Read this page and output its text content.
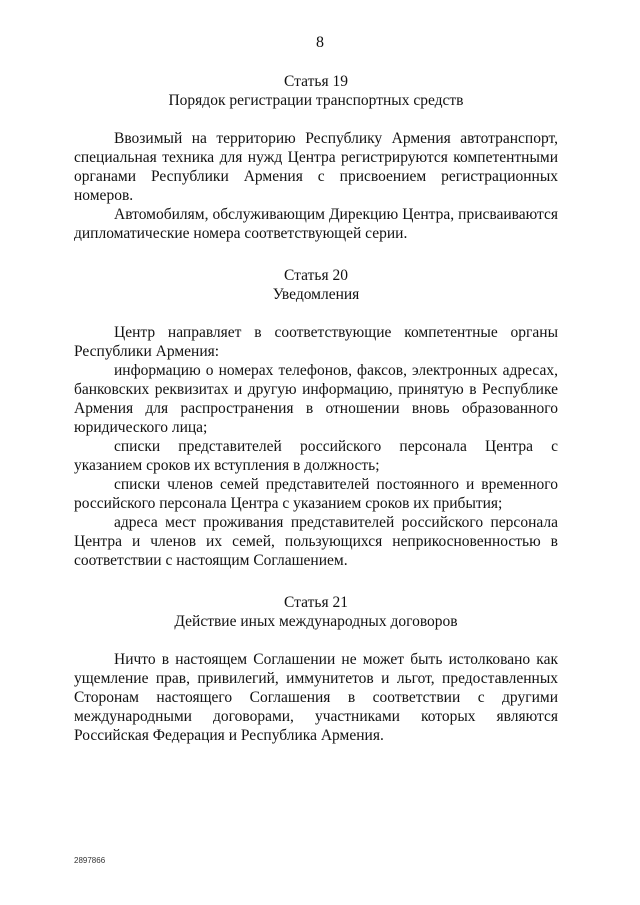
8
Статья 19
Порядок регистрации транспортных средств

Ввозимый на территорию Республику Армения автотранспорт, специальная техника для нужд Центра регистрируются компетентными органами Республики Армения с присвоением регистрационных номеров.

Автомобилям, обслуживающим Дирекцию Центра, присваиваются дипломатические номера соответствующей серии.

Статья 20
Уведомления

Центр направляет в соответствующие компетентные органы Республики Армения:

информацию о номерах телефонов, факсов, электронных адресах, банковских реквизитах и другую информацию, принятую в Республике Армения для распространения в отношении вновь образованного юридического лица;

списки представителей российского персонала Центра с указанием сроков их вступления в должность;

списки членов семей представителей постоянного и временного российского персонала Центра с указанием сроков их прибытия;

адреса мест проживания представителей российского персонала Центра и членов их семей, пользующихся неприкосновенностью в соответствии с настоящим Соглашением.

Статья 21
Действие иных международных договоров

Ничто в настоящем Соглашении не может быть истолковано как ущемление прав, привилегий, иммунитетов и льгот, предоставленных Сторонам настоящего Соглашения в соответствии с другими международными договорами, участниками которых являются Российская Федерация и Республика Армения.

2897866
